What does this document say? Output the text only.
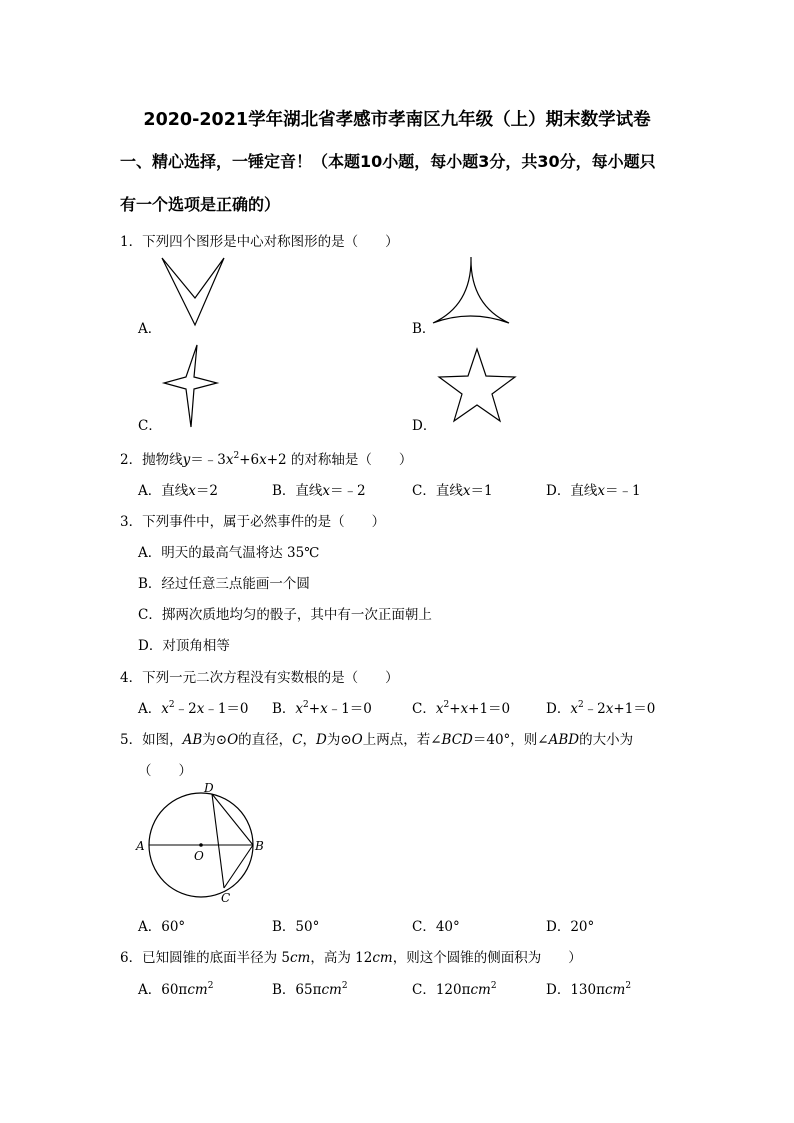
2020-2021学年湖北省孝感市孝南区九年级（上）期末数学试卷
一、精心选择，一锤定音！（本题10小题，每小题3分，共30分，每小题只
有一个选项是正确的）
1．下列四个图形是中心对称图形的是（　　）
A．	B．
C．	D．
2．抛物线$y=﹣3x^2+6x+2$ 的对称轴是（　　）
A．直线x＝2	B．直线x＝﹣2	C．直线x＝1	D．直线x＝﹣1
3．下列事件中，属于必然事件的是（　　）
A．明天的最高气温将达 35℃
B．经过任意三点能画一个圆
C．掷两次质地均匀的骰子，其中有一次正面朝上
D．对顶角相等
4．下列一元二次方程没有实数根的是（　　）
A．$x^2﹣2x﹣1=0$ B．$x^2+x﹣1=0$	C．$x^2+x+1=0$	D．$x^2﹣2x+1=0$
5．如图，AB为⊙O的直径，C，D为⊙O上两点，若∠BCD＝40°，则∠ABD的大小为
（　　）
A	B
C
D
O
A．60°	B．50°	C．40°	D．20°
6．已知圆锥的底面半径为 5cm，高为 12cm，则这个圆锥的侧面积为　　）
A．60πcm$^2$	B．65πcm$^2$	C．120πcm$^2$	D．130πcm$^2$
